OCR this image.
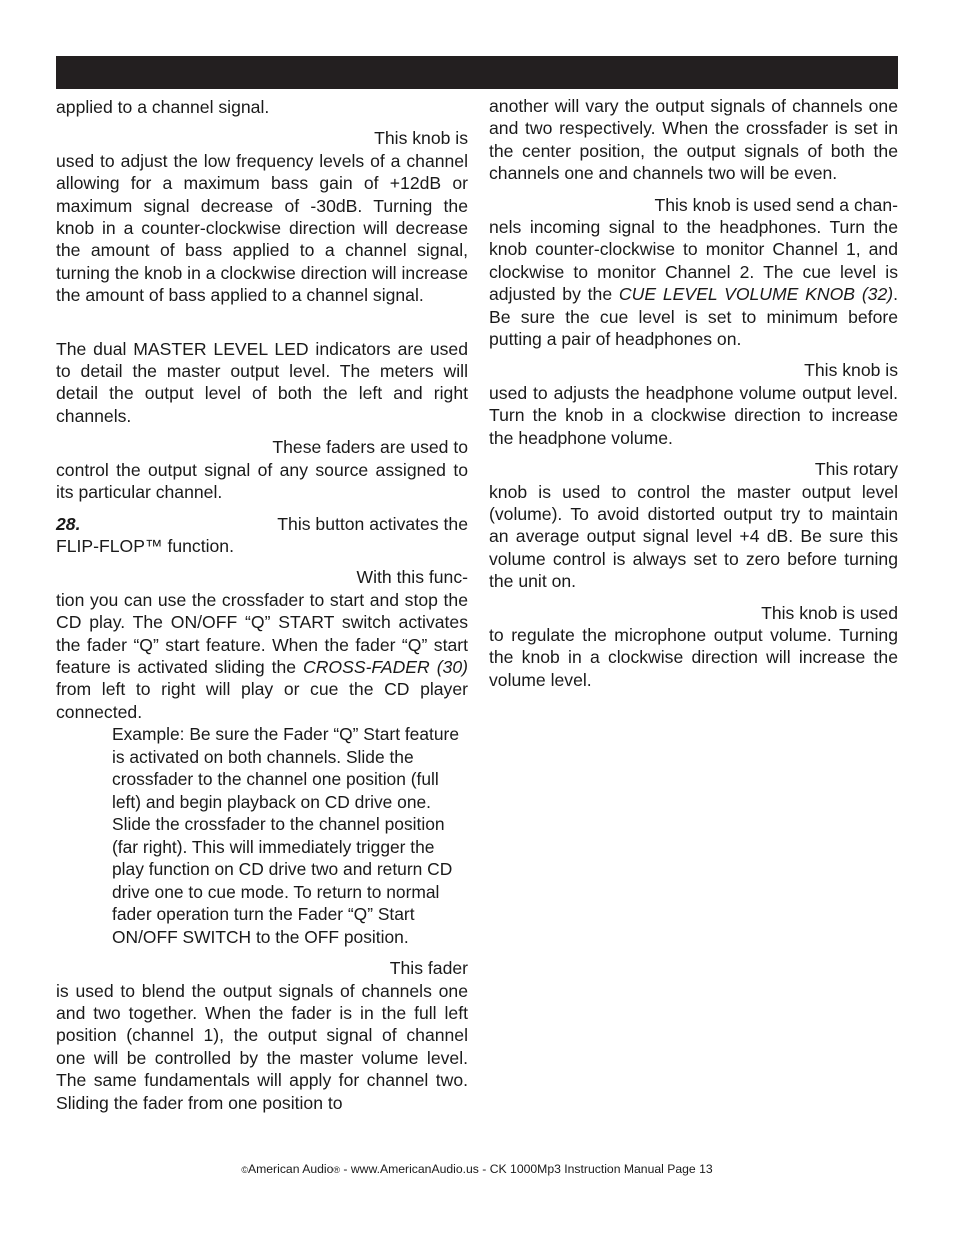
applied to a channel signal.

This knob is
used to adjust the low frequency levels of a channel allowing for a maximum bass gain of +12dB or maximum signal decrease of -30dB. Turning the knob in a counter-clockwise direction will decrease the amount of bass applied to a channel signal, turning the knob in a clockwise direction will increase the amount of bass applied to a channel signal.

The dual MASTER LEVEL LED indicators are used to detail the master output level. The meters will detail the output level of both the left and right channels.

These faders are used to
control the output signal of any source assigned to its particular channel.

28.	This button activates the
FLIP-FLOP™ function.

With this func-
tion you can use the crossfader to start and stop the CD play. The ON/OFF “Q” START switch activates the fader “Q” start feature. When the fader “Q” start feature is activated sliding the CROSS-FADER (30) from left to right will play or cue the CD player connected.

Example: Be sure the Fader “Q” Start feature is activated on both channels. Slide the crossfader to the channel one position (full left) and begin playback on CD drive one. Slide the crossfader to the channel position (far right). This will immediately trigger the play function on CD drive two and return CD drive one to cue mode. To return to normal fader operation turn the Fader “Q” Start ON/OFF SWITCH to the OFF position.

This fader
is used to blend the output signals of channels one and two together. When the fader is in the full left position (channel 1), the output signal of channel one will be controlled by the master volume level. The same fundamentals will apply for channel two. Sliding the fader from one position to

another will vary the output signals of channels one and two respectively. When the crossfader is set in the center position, the output signals of both the channels one and channels two will be even.

This knob is used send a chan-
nels incoming signal to the headphones. Turn the knob counter-clockwise to monitor Channel 1, and clockwise to monitor Channel 2. The cue level is adjusted by the CUE LEVEL VOLUME KNOB (32). Be sure the cue level is set to minimum before putting a pair of headphones on.

This knob is
used to adjusts the headphone volume output level. Turn the knob in a clockwise direction to increase the headphone volume.

This rotary
knob is used to control the master output level (volume). To avoid distorted output try to maintain an average output signal level +4 dB. Be sure this volume control is always set to zero before turning the unit on.

This knob is used
to regulate the microphone output volume. Turning the knob in a clockwise direction will increase the volume level.

©American Audio® - www.AmericanAudio.us - CK 1000Mp3 Instruction Manual Page 13
